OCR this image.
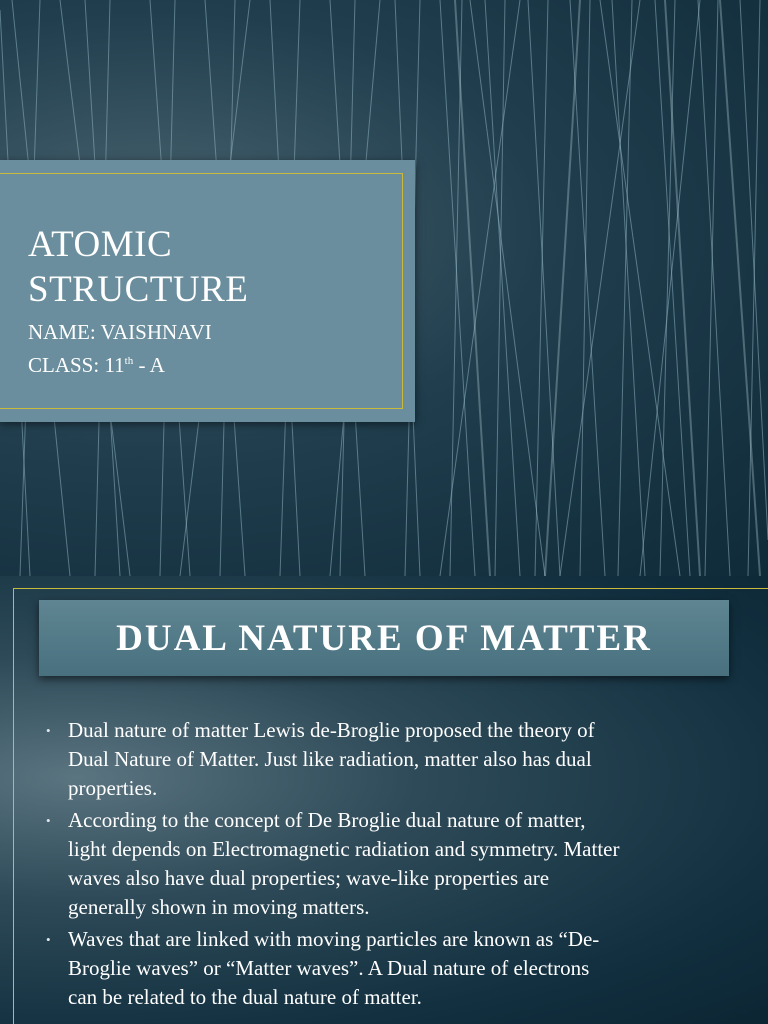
ATOMIC
STRUCTURE
NAME: VAISHNAVI
CLASS: 11th - A
DUAL NATURE OF MATTER
• Dual nature of matter Lewis de-Broglie proposed the theory of
Dual Nature of Matter. Just like radiation, matter also has dual
properties.
• According to the concept of De Broglie dual nature of matter,
light depends on Electromagnetic radiation and symmetry. Matter
waves also have dual properties; wave-like properties are
generally shown in moving matters.
• Waves that are linked with moving particles are known as “De-
Broglie waves” or “Matter waves”. A Dual nature of electrons
can be related to the dual nature of matter.
